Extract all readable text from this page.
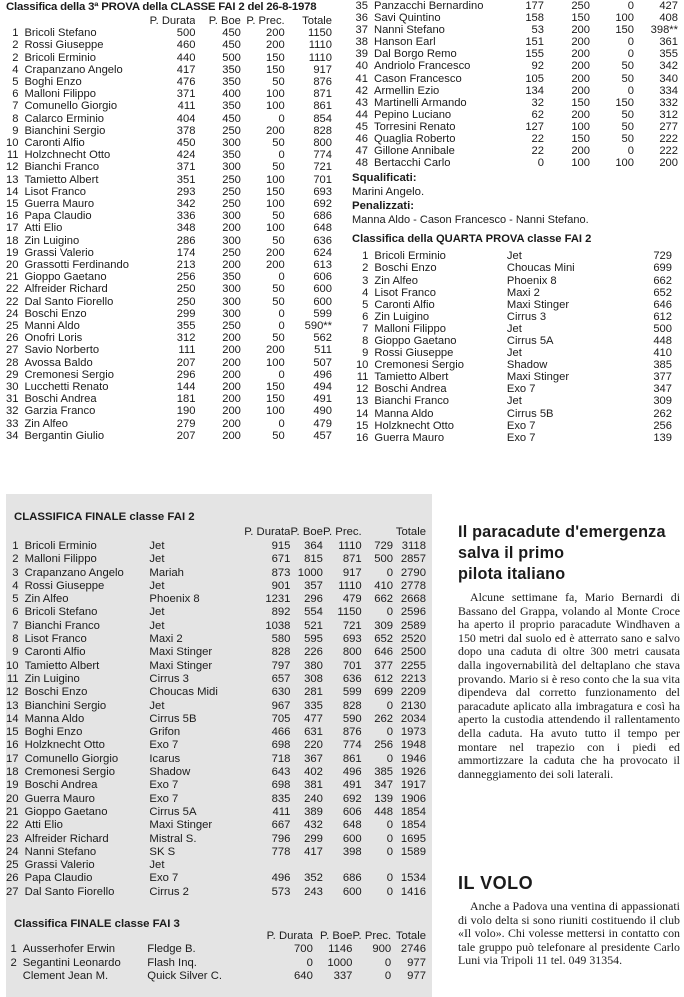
Classifica della 3ª PROVA della CLASSE FAI 2 del 26-8-1978
		P. Durata	P. Boe	P. Prec.	Totale
1	Bricoli Stefano	500	450	200	1150
2	Rossi Giuseppe	460	450	200	1110
2	Bricoli Erminio	440	500	150	1110
4	Crapanzano Angelo	417	350	150	917
5	Boghi Enzo	476	350	50	876
6	Malloni Filippo	371	400	100	871
7	Comunello Giorgio	411	350	100	861
8	Calarco Erminio	404	450	0	854
9	Bianchini Sergio	378	250	200	828
10	Caronti Alfio	450	300	50	800
11	Holzchnecht Otto	424	350	0	774
12	Bianchi Franco	371	300	50	721
13	Tamietto Albert	351	250	100	701
14	Lisot Franco	293	250	150	693
15	Guerra Mauro	342	250	100	692
16	Papa Claudio	336	300	50	686
17	Atti Elio	348	200	100	648
18	Zin Luigino	286	300	50	636
19	Grassi Valerio	174	250	200	624
20	Grassotti Ferdinando	213	200	200	613
21	Gioppo Gaetano	256	350	0	606
22	Alfreider Richard	250	300	50	600
22	Dal Santo Fiorello	250	300	50	600
24	Boschi Enzo	299	300	0	599
25	Manni Aldo	355	250	0	590**
26	Onofri Loris	312	200	50	562
27	Savio Norberto	111	200	200	511
28	Avossa Baldo	207	200	100	507
29	Cremonesi Sergio	296	200	0	496
30	Lucchetti Renato	144	200	150	494
31	Boschi Andrea	181	200	150	491
32	Garzia Franco	190	200	100	490
33	Zin Alfeo	279	200	0	479
34	Bergantin Giulio	207	200	50	457
35	Panzacchi Bernardino	177	250	0	427
36	Savi Quintino	158	150	100	408
37	Nanni Stefano	53	200	150	398**
38	Hanson Earl	151	200	0	361
39	Dal Borgo Remo	155	200	0	355
40	Andriolo Francesco	92	200	50	342
41	Cason Francesco	105	200	50	340
42	Armellin Ezio	134	200	0	334
43	Martinelli Armando	32	150	150	332
44	Pepino Luciano	62	200	50	312
45	Torresini Renato	127	100	50	277
46	Quaglia Roberto	22	150	50	222
47	Gillone Annibale	22	200	0	222
48	Bertacchi Carlo	0	100	100	200
Squalificati:
Marini Angelo.
Penalizzati:
Manna Aldo - Cason Francesco - Nanni Stefano.
Classifica della QUARTA PROVA classe FAI 2
1	Bricoli Erminio	Jet	729
2	Boschi Enzo	Choucas Mini	699
3	Zin Alfeo	Phoenix 8	662
4	Lisot Franco	Maxi 2	652
5	Caronti Alfio	Maxi Stinger	646
6	Zin Luigino	Cirrus 3	612
7	Malloni Filippo	Jet	500
8	Gioppo Gaetano	Cirrus 5A	448
9	Rossi Giuseppe	Jet	410
10	Cremonesi Sergio	Shadow	385
11	Tamietto Albert	Maxi Stinger	377
12	Boschi Andrea	Exo 7	347
13	Bianchi Franco	Jet	309
14	Manna Aldo	Cirrus 5B	262
15	Holzknecht Otto	Exo 7	256
16	Guerra Mauro	Exo 7	139
CLASSIFICA FINALE classe FAI 2
			P. Durata	P. Boe	P. Prec.		Totale
1	Bricoli Erminio	Jet	915	364	1110	729	3118
2	Malloni Filippo	Jet	671	815	871	500	2857
3	Crapanzano Angelo	Mariah	873	1000	917	0	2790
4	Rossi Giuseppe	Jet	901	357	1110	410	2778
5	Zin Alfeo	Phoenix 8	1231	296	479	662	2668
6	Bricoli Stefano	Jet	892	554	1150	0	2596
7	Bianchi Franco	Jet	1038	521	721	309	2589
8	Lisot Franco	Maxi 2	580	595	693	652	2520
9	Caronti Alfio	Maxi Stinger	828	226	800	646	2500
10	Tamietto Albert	Maxi Stinger	797	380	701	377	2255
11	Zin Luigino	Cirrus 3	657	308	636	612	2213
12	Boschi Enzo	Choucas Midi	630	281	599	699	2209
13	Bianchini Sergio	Jet	967	335	828	0	2130
14	Manna Aldo	Cirrus 5B	705	477	590	262	2034
15	Boghi Enzo	Grifon	466	631	876	0	1973
16	Holzknecht Otto	Exo 7	698	220	774	256	1948
17	Comunello Giorgio	Icarus	718	367	861	0	1946
18	Cremonesi Sergio	Shadow	643	402	496	385	1926
19	Boschi Andrea	Exo 7	698	381	491	347	1917
20	Guerra Mauro	Exo 7	835	240	692	139	1906
21	Gioppo Gaetano	Cirrus 5A	411	389	606	448	1854
22	Atti Elio	Maxi Stinger	667	432	648	0	1854
23	Alfreider Richard	Mistral S.	796	299	600	0	1695
24	Nanni Stefano	SK S	778	417	398	0	1589
25	Grassi Valerio	Jet					
26	Papa Claudio	Exo 7	496	352	686	0	1534
27	Dal Santo Fiorello	Cirrus 2	573	243	600	0	1416
Classifica FINALE classe FAI 3
			P. Durata	P. Boe	P. Prec.	Totale
1	Ausserhofer Erwin	Fledge B.	700	1146	900	2746
2	Segantini Leonardo	Flash Inq.	0	1000	0	977
	Clement Jean M.	Quick Silver C.	640	337	0	977
Il paracadute d'emergenza
salva il primo
pilota italiano

Alcune settimane fa, Mario Bernardi di Bassano del Grappa, volando al Monte Croce ha aperto il proprio paracadute Windhaven a 150 metri dal suolo ed è atterrato sano e salvo dopo una caduta di oltre 300 metri causata dalla ingovernabilità del deltaplano che stava provando. Mario si è reso conto che la sua vita dipendeva dal corretto funzionamento del paracadute aplicato alla imbragatura e così ha aperto la custodia attendendo il rallentamento della caduta. Ha avuto tutto il tempo per montare nel trapezio con i piedi ed ammortizzare la caduta che ha provocato il danneggiamento dei soli laterali.

IL VOLO

Anche a Padova una ventina di appassionati di volo delta si sono riuniti costituendo il club «Il volo». Chi volesse mettersi in contatto con tale gruppo può telefonare al presidente Carlo Luni via Tripoli 11 tel. 049 31354.
